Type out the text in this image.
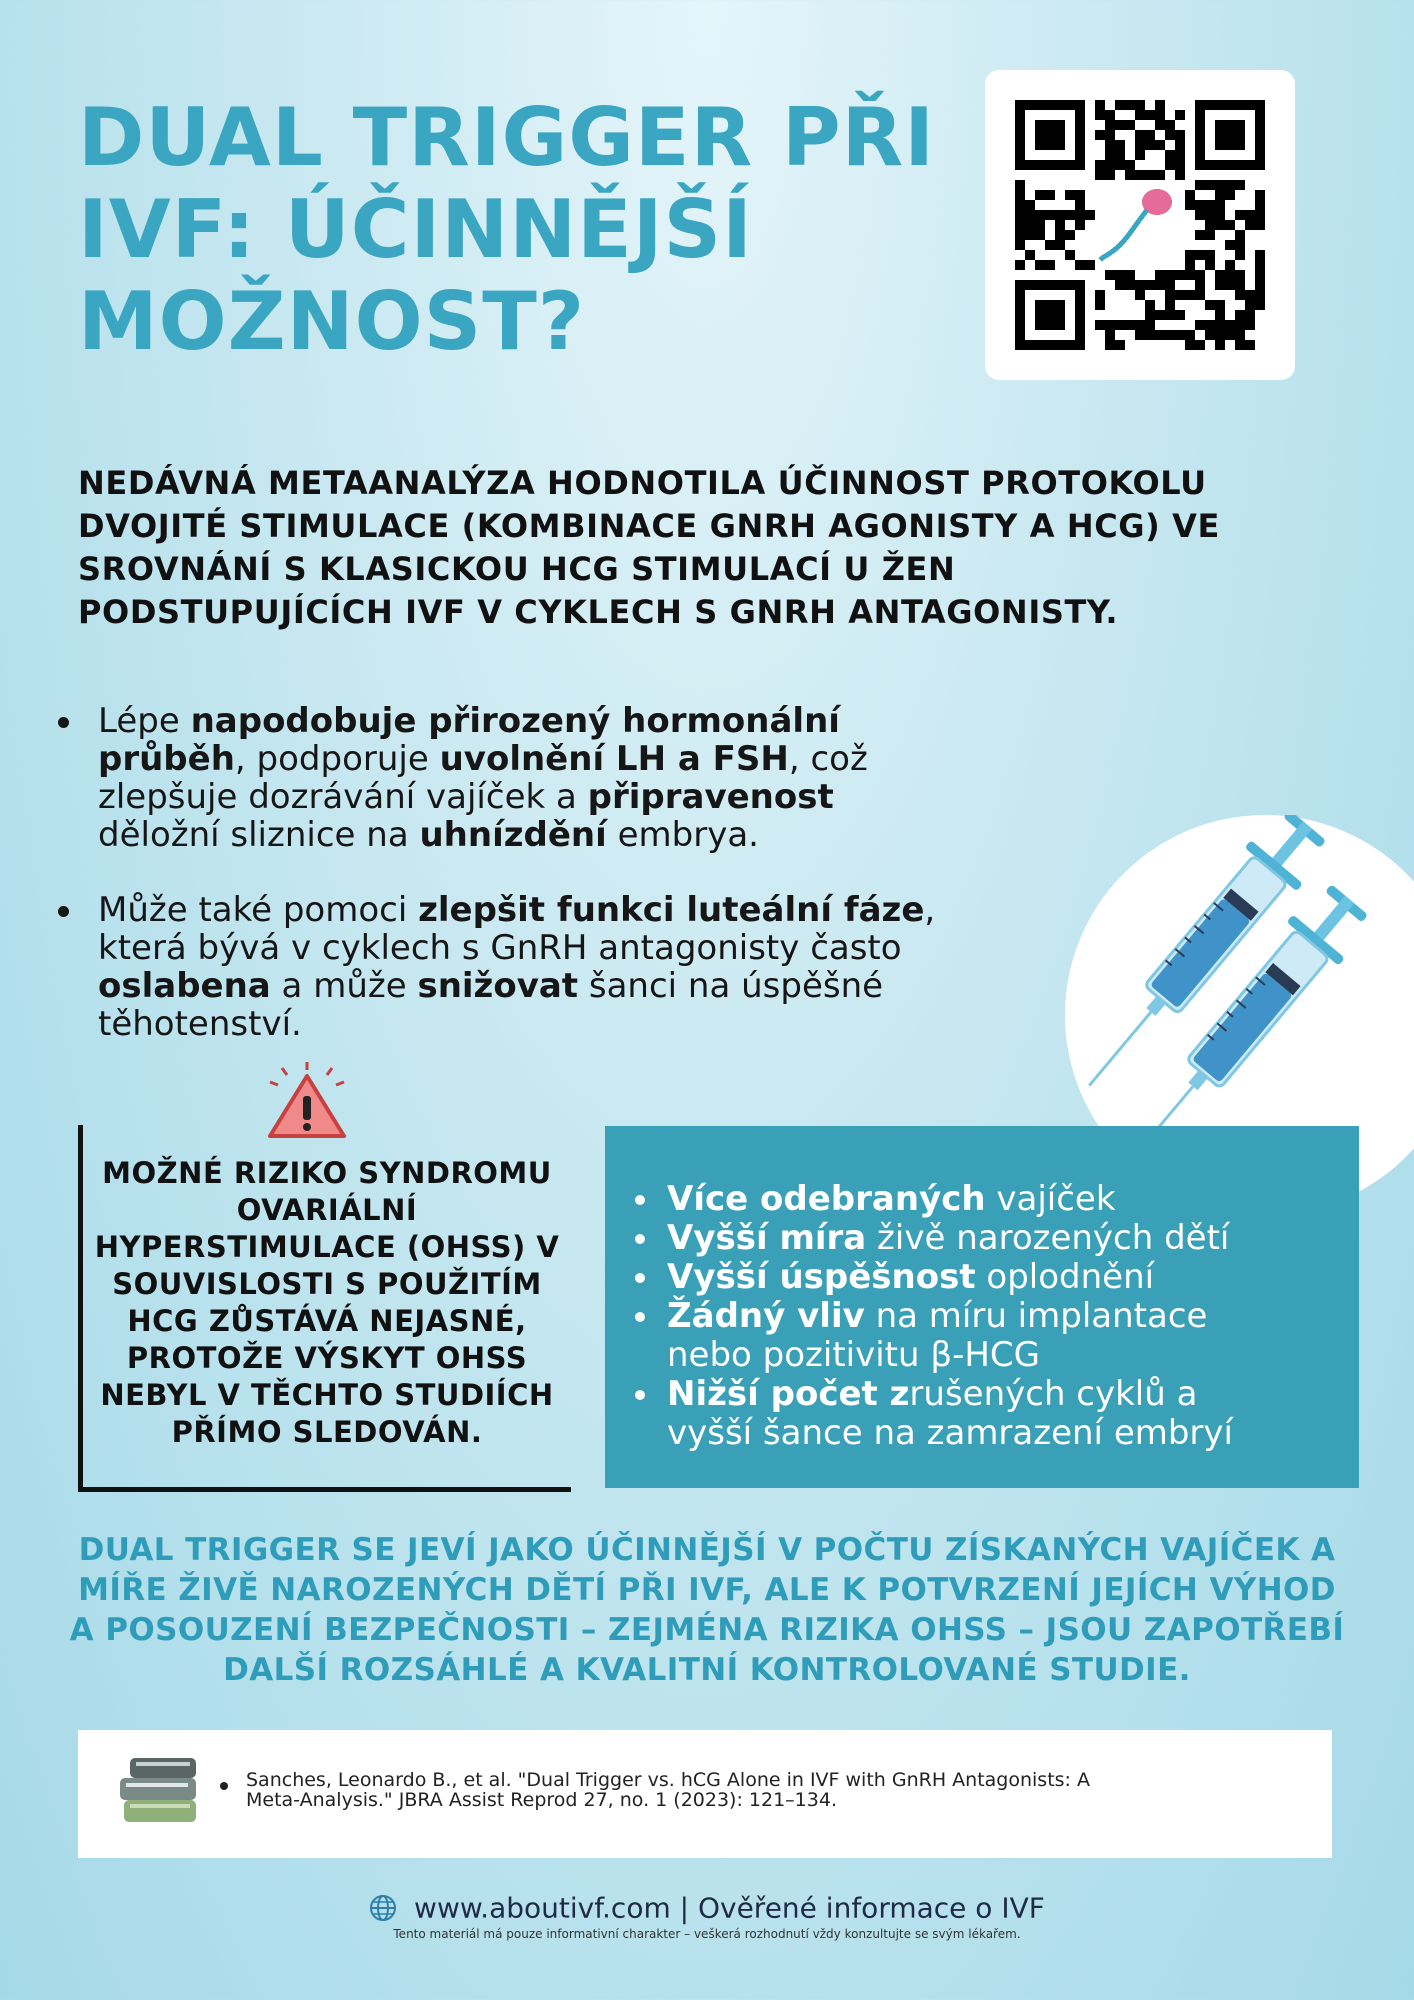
DUAL TRIGGER PŘI
IVF: ÚČINNĚJŠÍ
MOŽNOST?
NEDÁVNÁ METAANALÝZA HODNOTILA ÚČINNOST PROTOKOLU
DVOJITÉ STIMULACE (KOMBINACE GNRH AGONISTY A HCG) VE
SROVNÁNÍ S KLASICKOU HCG STIMULACÍ U ŽEN
PODSTUPUJÍCÍCH IVF V CYKLECH S GNRH ANTAGONISTY.
Lépe napodobuje přirozený hormonální
průběh, podporuje uvolnění LH a FSH, což
zlepšuje dozrávání vajíček a připravenost
děložní sliznice na uhnízdění embrya.
Může také pomoci zlepšit funkci luteální fáze,
která bývá v cyklech s GnRH antagonisty často
oslabena a může snižovat šanci na úspěšné
těhotenství.
MOŽNÉ RIZIKO SYNDROMU
OVARIÁLNÍ
HYPERSTIMULACE (OHSS) V
SOUVISLOSTI S POUŽITÍM
HCG ZŮSTÁVÁ NEJASNÉ,
PROTOŽE VÝSKYT OHSS
NEBYL V TĚCHTO STUDIÍCH
PŘÍMO SLEDOVÁN.
Více odebraných vajíček
Vyšší míra živě narozených dětí
Vyšší úspěšnost oplodnění
Žádný vliv na míru implantace
nebo pozitivitu β-HCG
Nižší počet zrušených cyklů a
vyšší šance na zamrazení embryí
DUAL TRIGGER SE JEVÍ JAKO ÚČINNĚJŠÍ V POČTU ZÍSKANÝCH VAJÍČEK A
MÍŘE ŽIVĚ NAROZENÝCH DĚTÍ PŘI IVF, ALE K POTVRZENÍ JEJÍCH VÝHOD
A POSOUZENÍ BEZPEČNOSTI – ZEJMÉNA RIZIKA OHSS – JSOU ZAPOTŘEBÍ
DALŠÍ ROZSÁHLÉ A KVALITNÍ KONTROLOVANÉ STUDIE.
Sanches, Leonardo B., et al. "Dual Trigger vs. hCG Alone in IVF with GnRH Antagonists: A
Meta-Analysis." JBRA Assist Reprod 27, no. 1 (2023): 121–134.
www.aboutivf.com | Ověřené informace o IVF
Tento materiál má pouze informativní charakter – veškerá rozhodnutí vždy konzultujte se svým lékařem.
